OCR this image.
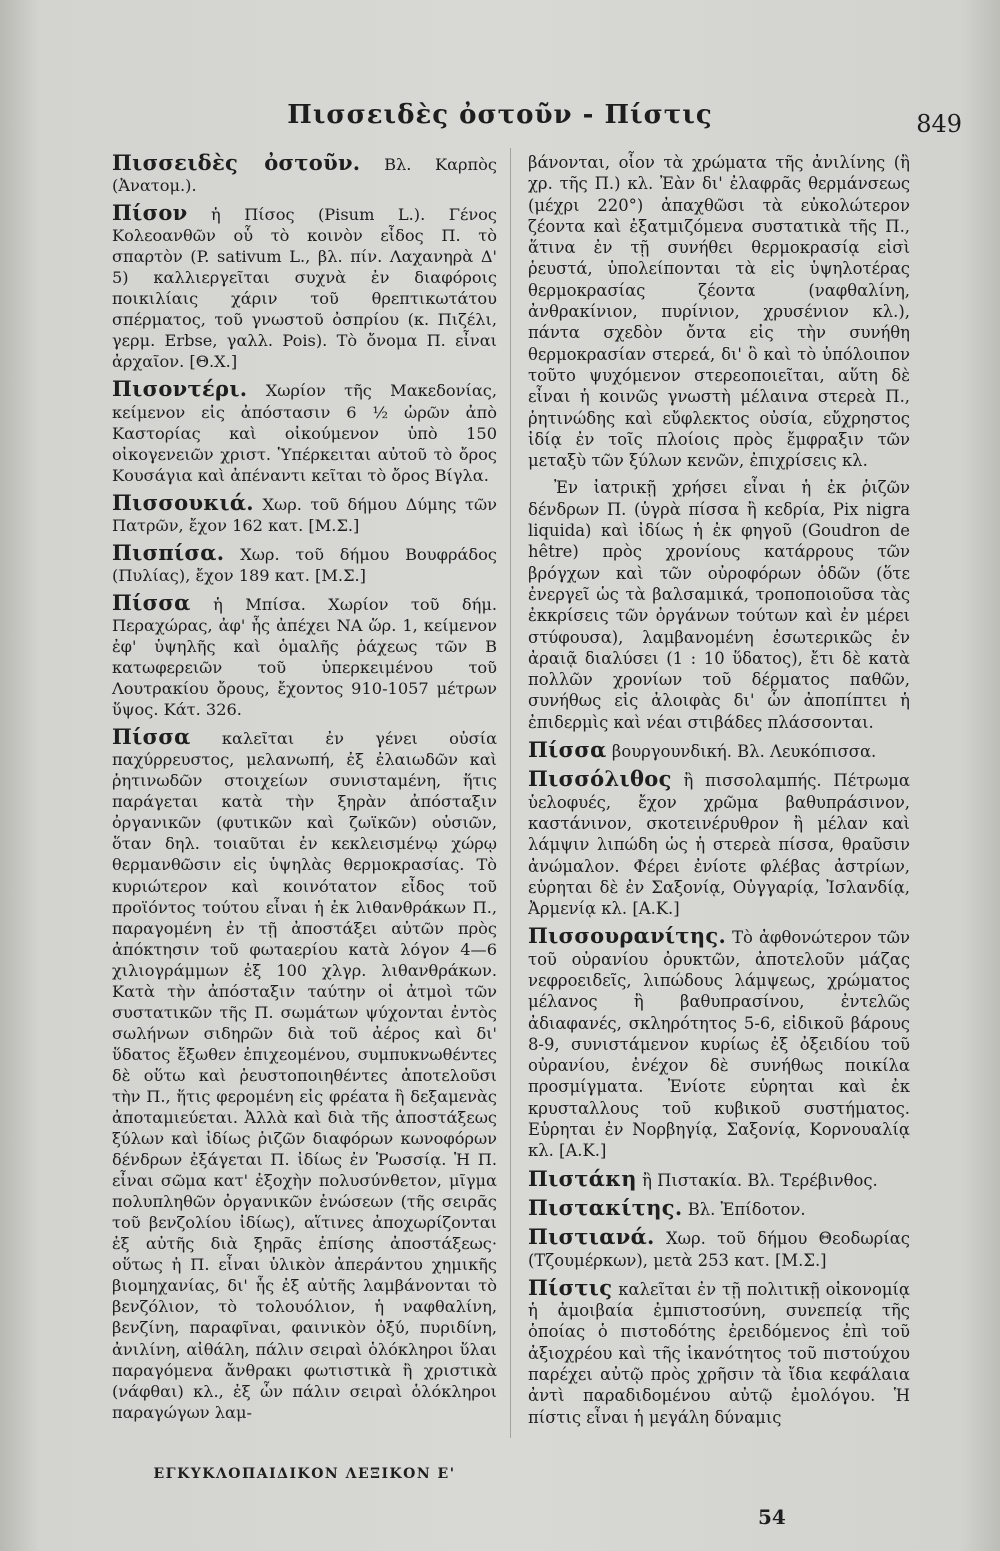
Πισσειδὲς ὀστοῦν - Πίστις	849

Πισσειδὲς ὀστοῦν. Βλ. Καρπὸς (Ἀνατομ.).

Πίσον ἡ Πίσος (Pisum L.). Γένος Κολεοανθῶν οὗ τὸ κοινὸν εἶδος Π. τὸ σπαρτὸν (P. sativum L., βλ. πίν. Λαχανηρὰ Δ' 5) καλλιεργεῖται συχνὰ ἐν διαφόροις ποικιλίαις χάριν τοῦ θρεπτικωτάτου σπέρματος, τοῦ γνωστοῦ ὀσπρίου (κ. Πιζέλι, γερμ. Erbse, γαλλ. Pois). Τὸ ὄνομα Π. εἶναι ἀρχαῖον. [Θ.Χ.]

Πισοντέρι. Χωρίον τῆς Μακεδονίας, κείμενον εἰς ἀπόστασιν 6 ½ ὡρῶν ἀπὸ Καστορίας καὶ οἰκούμενον ὑπὸ 150 οἰκογενειῶν χριστ. Ὑπέρκειται αὐτοῦ τὸ ὄρος Κουσάγια καὶ ἀπέναντι κεῖται τὸ ὄρος Βίγλα.

Πισσουκιά. Χωρ. τοῦ δήμου Δύμης τῶν Πατρῶν, ἔχον 162 κατ. [Μ.Σ.]

Πισπίσα. Χωρ. τοῦ δήμου Βουφράδος (Πυλίας), ἔχον 189 κατ. [Μ.Σ.]

Πίσσα ἡ Μπίσα. Χωρίον τοῦ δήμ. Περαχώρας, ἀφ' ἧς ἀπέχει ΝΑ ὥρ. 1, κείμενον ἐφ' ὑψηλῆς καὶ ὁμαλῆς ῥάχεως τῶν Β κατωφερειῶν τοῦ ὑπερκειμένου τοῦ Λουτρακίου ὄρους, ἔχοντος 910-1057 μέτρων ὕψος. Κάτ. 326.

Πίσσα καλεῖται ἐν γένει οὐσία παχύρρευστος, μελανωπή, ἐξ ἐλαιωδῶν καὶ ῥητινωδῶν στοιχείων συνισταμένη, ἥτις παράγεται κατὰ τὴν ξηρὰν ἀπόσταξιν ὀργανικῶν (φυτικῶν καὶ ζωϊκῶν) οὐσιῶν, ὅταν δηλ. τοιαῦται ἐν κεκλεισμένῳ χώρῳ θερμανθῶσιν εἰς ὑψηλὰς θερμοκρασίας. Τὸ κυριώτερον καὶ κοινότατον εἶδος τοῦ προϊόντος τούτου εἶναι ἡ ἐκ λιθανθράκων Π., παραγομένη ἐν τῇ ἀποστάξει αὐτῶν πρὸς ἀπόκτησιν τοῦ φωταερίου κατὰ λόγον 4—6 χιλιογράμμων ἐξ 100 χλγρ. λιθανθράκων. Κατὰ τὴν ἀπόσταξιν ταύτην οἱ ἀτμοὶ τῶν συστατικῶν τῆς Π. σωμάτων ψύχονται ἐντὸς σωλήνων σιδηρῶν διὰ τοῦ ἀέρος καὶ δι' ὕδατος ἔξωθεν ἐπιχεομένου, συμπυκνωθέντες δὲ οὕτω καὶ ῥευστοποιηθέντες ἀποτελοῦσι τὴν Π., ἥτις φερομένη εἰς φρέατα ἢ δεξαμενὰς ἀποταμιεύεται. Ἀλλὰ καὶ διὰ τῆς ἀποστάξεως ξύλων καὶ ἰδίως ῥιζῶν διαφόρων κωνοφόρων δένδρων ἐξάγεται Π. ἰδίως ἐν Ῥωσσίᾳ. Ἡ Π. εἶναι σῶμα κατ' ἐξοχὴν πολυσύνθετον, μῖγμα πολυπληθῶν ὀργανικῶν ἑνώσεων (τῆς σειρᾶς τοῦ βενζολίου ἰδίως), αἵτινες ἀποχωρίζονται ἐξ αὐτῆς διὰ ξηρᾶς ἐπίσης ἀποστάξεως· οὕτως ἡ Π. εἶναι ὑλικὸν ἀπεράντου χημικῆς βιομηχανίας, δι' ἧς ἐξ αὐτῆς λαμβάνονται τὸ βενζόλιον, τὸ τολουόλιον, ἡ ναφθαλίνη, βενζίνη, παραφῖναι, φαινικὸν ὀξύ, πυριδίνη, ἀνιλίνη, αἰθάλη, πάλιν σειραὶ ὁλόκληροι ὕλαι παραγόμενα ἄνθρακι φωτιστικὰ ἢ χριστικὰ (νάφθαι) κλ., ἐξ ὧν πάλιν σειραὶ ὁλόκληροι παραγώγων λαμ-

βάνονται, οἷον τὰ χρώματα τῆς ἀνιλίνης (ἢ χρ. τῆς Π.) κλ. Ἐὰν δι' ἐλαφρᾶς θερμάνσεως (μέχρι 220°) ἀπαχθῶσι τὰ εὐκολώτερον ζέοντα καὶ ἐξατμιζόμενα συστατικὰ τῆς Π., ἅτινα ἐν τῇ συνήθει θερμοκρασίᾳ εἰσὶ ῥευστά, ὑπολείπονται τὰ εἰς ὑψηλοτέρας θερμοκρασίας ζέοντα (ναφθαλίνη, ἀνθρακίνιον, πυρίνιον, χρυσένιον κλ.), πάντα σχεδὸν ὄντα εἰς τὴν συνήθη θερμοκρασίαν στερεά, δι' ὃ καὶ τὸ ὑπόλοιπον τοῦτο ψυχόμενον στερεοποιεῖται, αὕτη δὲ εἶναι ἡ κοινῶς γνωστὴ μέλαινα στερεὰ Π., ῥητινώδης καὶ εὔφλεκτος οὐσία, εὔχρηστος ἰδίᾳ ἐν τοῖς πλοίοις πρὸς ἔμφραξιν τῶν μεταξὺ τῶν ξύλων κενῶν, ἐπιχρίσεις κλ.

Ἐν ἰατρικῇ χρήσει εἶναι ἡ ἐκ ῥιζῶν δένδρων Π. (ὑγρὰ πίσσα ἢ κεδρία, Pix nigra liquida) καὶ ἰδίως ἡ ἐκ φηγοῦ (Goudron de hêtre) πρὸς χρονίους κατάρρους τῶν βρόγχων καὶ τῶν οὐροφόρων ὁδῶν (ὅτε ἐνεργεῖ ὡς τὰ βαλσαμικά, τροποποιοῦσα τὰς ἐκκρίσεις τῶν ὀργάνων τούτων καὶ ἐν μέρει στύφουσα), λαμβανομένη ἐσωτερικῶς ἐν ἀραιᾷ διαλύσει (1 : 10 ὕδατος), ἔτι δὲ κατὰ πολλῶν χρονίων τοῦ δέρματος παθῶν, συνήθως εἰς ἀλοιφὰς δι' ὧν ἀποπίπτει ἡ ἐπιδερμὶς καὶ νέαι στιβάδες πλάσσονται.

Πίσσα βουργουνδική. Βλ. Λευκόπισσα.

Πισσόλιθος ἢ πισσολαμπής. Πέτρωμα ὑελοφυές, ἔχον χρῶμα βαθυπράσινον, καστάνινον, σκοτεινέρυθρον ἢ μέλαν καὶ λάμψιν λιπώδη ὡς ἡ στερεὰ πίσσα, θραῦσιν ἀνώμαλον. Φέρει ἐνίοτε φλέβας ἀστρίων, εὑρηται δὲ ἐν Σαξονίᾳ, Οὐγγαρίᾳ, Ἰσλανδίᾳ, Ἀρμενίᾳ κλ. [Α.Κ.]

Πισσουρανίτης. Τὸ ἀφθονώτερον τῶν τοῦ οὐρανίου ὀρυκτῶν, ἀποτελοῦν μάζας νεφροειδεῖς, λιπώδους λάμψεως, χρώματος μέλανος ἢ βαθυπρασίνου, ἐντελῶς ἀδιαφανές, σκληρότητος 5-6, εἰδικοῦ βάρους 8-9, συνιστάμενον κυρίως ἐξ ὀξειδίου τοῦ οὐρανίου, ἐνέχον δὲ συνήθως ποικίλα προσμίγματα. Ἐνίοτε εὑρηται καὶ ἐκ κρυσταλλους τοῦ κυβικοῦ συστήματος. Εὑρηται ἐν Νορβηγίᾳ, Σαξονίᾳ, Κορνουαλίᾳ κλ. [Α.Κ.]

Πιστάκη ἢ Πιστακία. Βλ. Τερέβινθος.

Πιστακίτης. Βλ. Ἐπίδοτον.

Πιστιανά. Χωρ. τοῦ δήμου Θεοδωρίας (Τζουμέρκων), μετὰ 253 κατ. [Μ.Σ.]

Πίστις καλεῖται ἐν τῇ πολιτικῇ οἰκονομίᾳ ἡ ἀμοιβαία ἐμπιστοσύνη, συνεπείᾳ τῆς ὁποίας ὁ πιστοδότης ἐρειδόμενος ἐπὶ τοῦ ἀξιοχρέου καὶ τῆς ἱκανότητος τοῦ πιστούχου παρέχει αὐτῷ πρὸς χρῆσιν τὰ ἴδια κεφάλαια ἀντὶ παραδιδομένου αὐτῷ ἐμολόγου. Ἡ πίστις εἶναι ἡ μεγάλη δύναμις

ΕΓΚΥΚΛΟΠΑΙΔΙΚΟΝ ΛΕΞΙΚΟΝ Ε'
54
